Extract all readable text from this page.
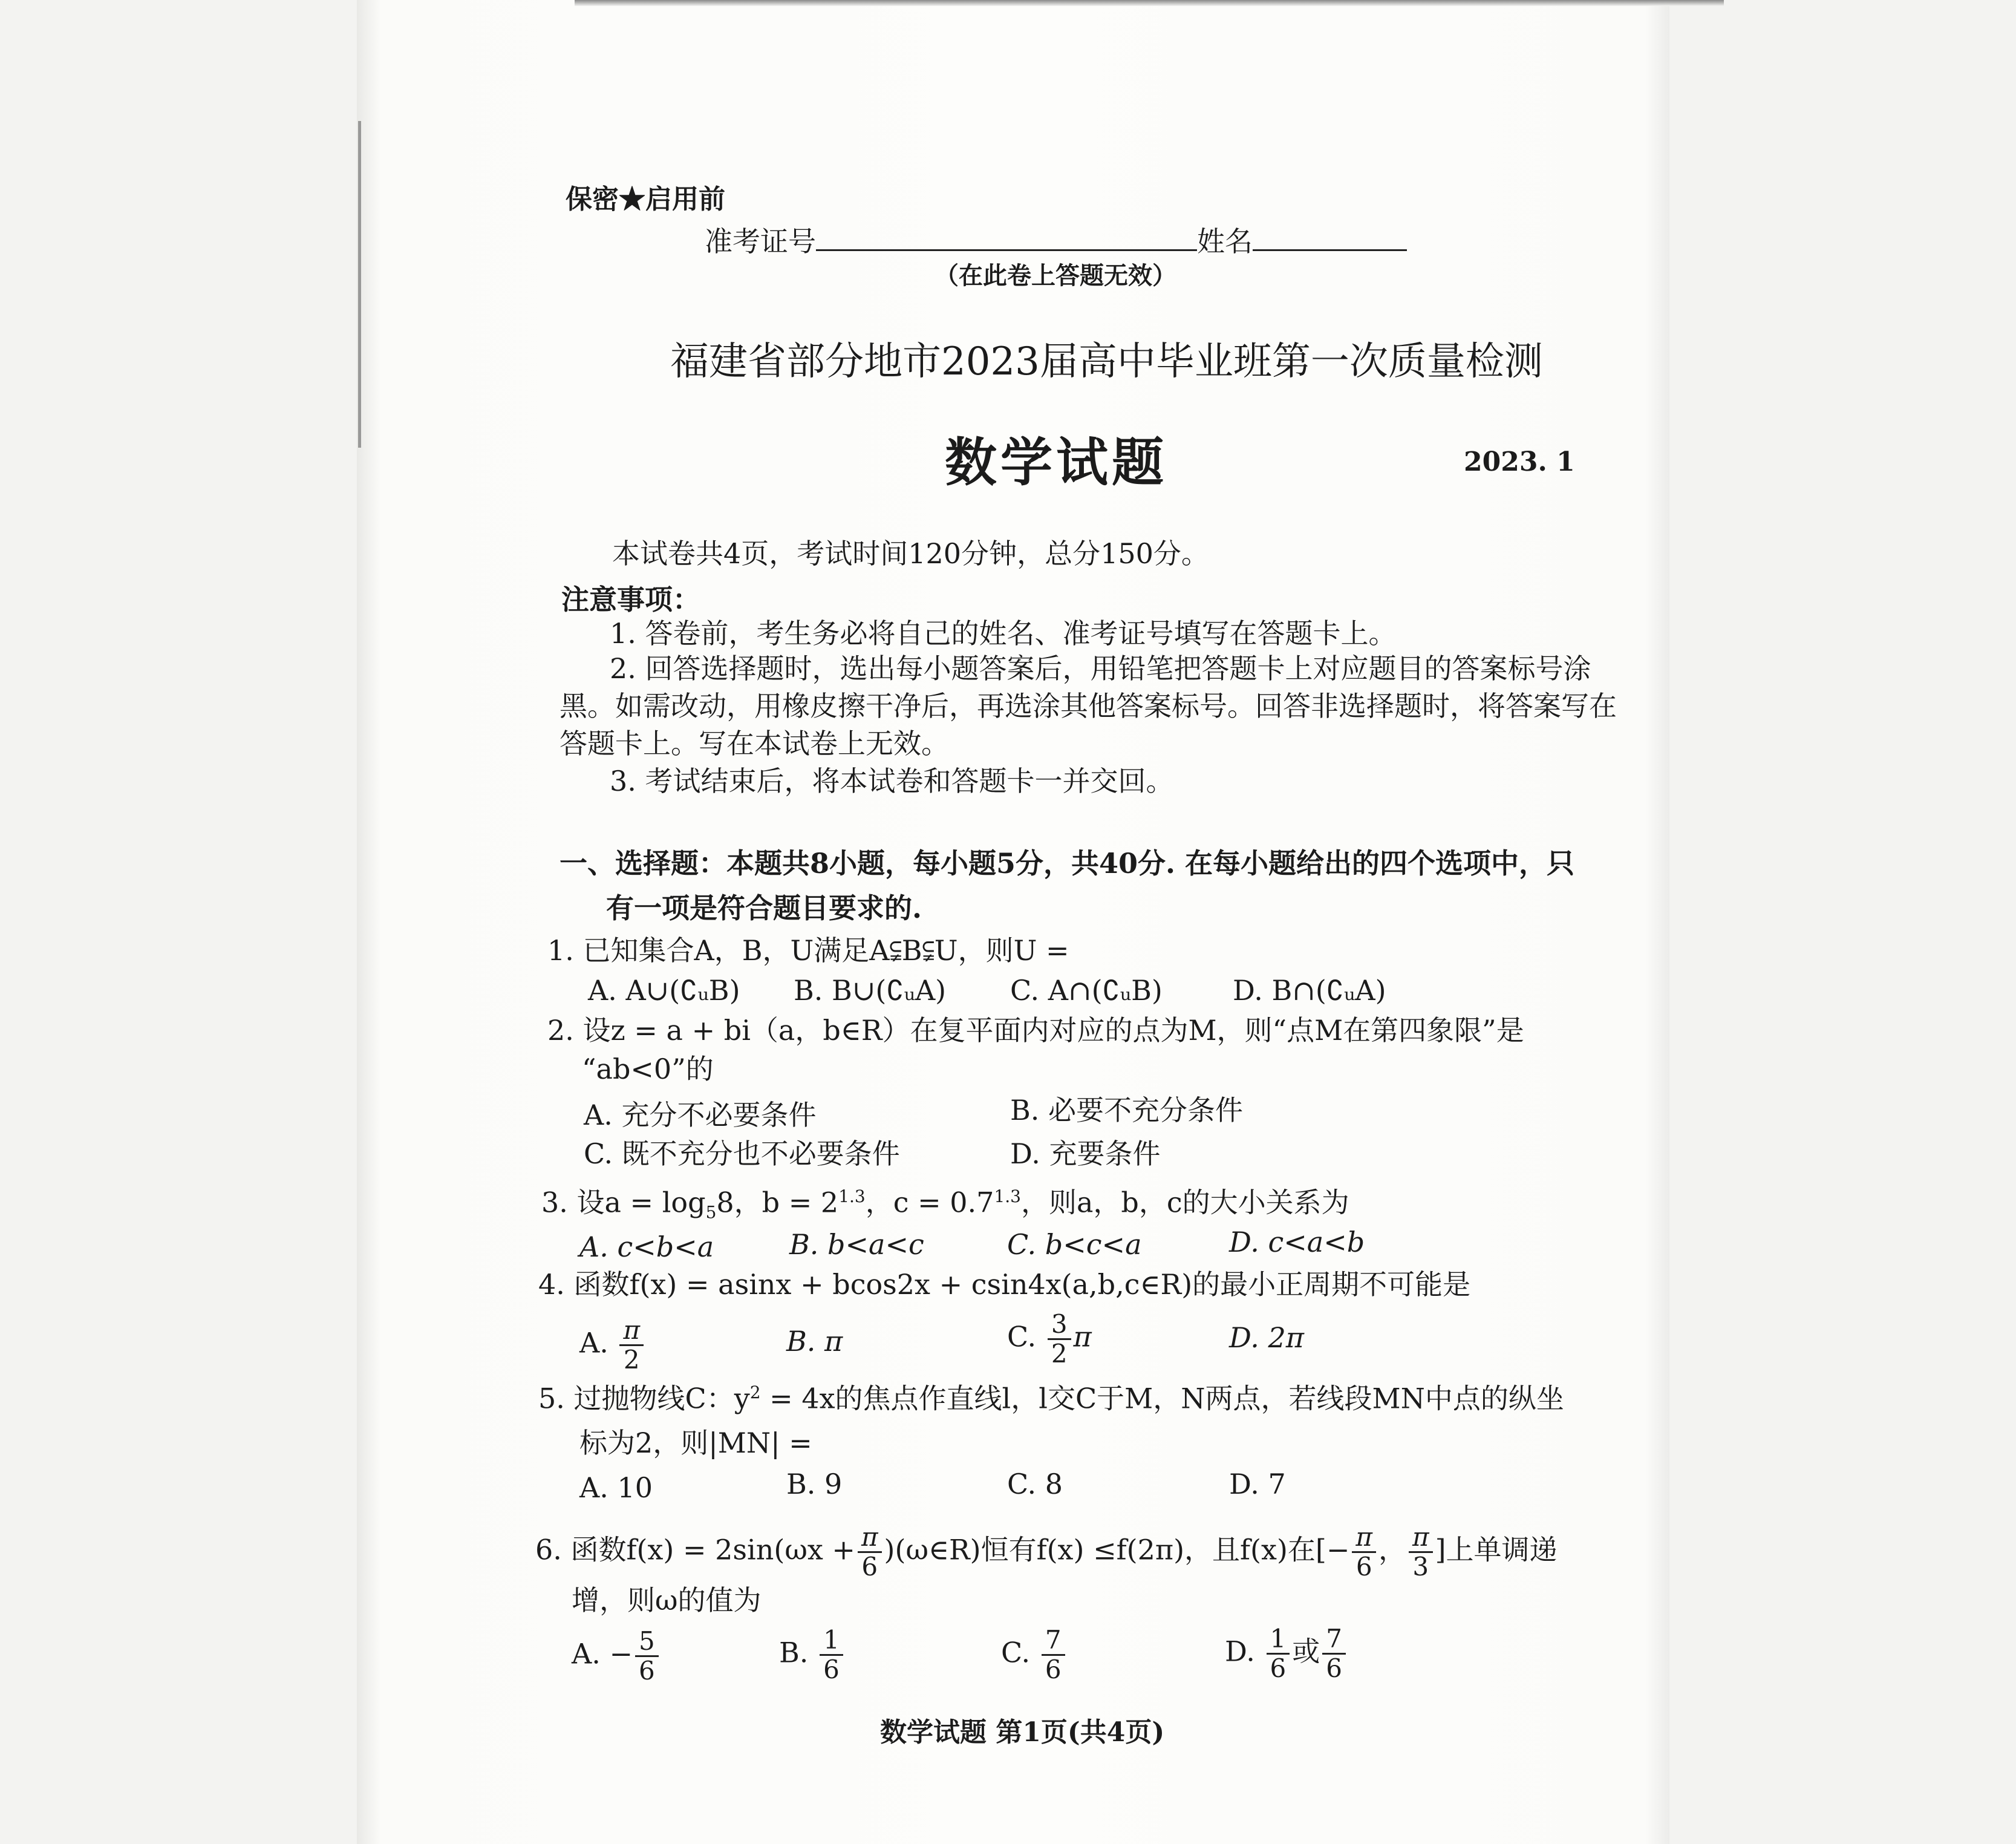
保密★启用前
准考证号	姓名
（在此卷上答题无效）
福建省部分地市2023届高中毕业班第一次质量检测
数学试题	2023. 1
本试卷共4页，考试时间120分钟，总分150分。
注意事项：
1. 答卷前，考生务必将自己的姓名、准考证号填写在答题卡上。
2. 回答选择题时，选出每小题答案后，用铅笔把答题卡上对应题目的答案标号涂
黑。如需改动，用橡皮擦干净后，再选涂其他答案标号。回答非选择题时，将答案写在
答题卡上。写在本试卷上无效。
3. 考试结束后，将本试卷和答题卡一并交回。
一、选择题：本题共8小题，每小题5分，共40分. 在每小题给出的四个选项中，只
有一项是符合题目要求的.
1. 已知集合A，B，U满足A⫋B⫋U，则U =
A. A∪(∁ᵤB) B. B∪(∁ᵤA) C. A∩(∁ᵤB)	D. B∩(∁ᵤA)
2. 设z = a + bi（a，b∈R）在复平面内对应的点为M，则“点M在第四象限”是
“ab<0”的
A. 充分不必要条件	B. 必要不充分条件
C. 既不充分也不必要条件	D. 充要条件
3. 设$a = \log_58$，$b = 2^{1.3}$，$c = 0.7^{1.3}$，则a，b，c的大小关系为
A. c<b<a	B. b<a<c	C. b<c<a	D. c<a<b
4. 函数f(x) = asinx + bcos2x + csin4x(a,b,c∈R)的最小正周期不可能是
A. $\frac{\pi}{2}$	B. π	C. $\frac{3}{2}$ π	D. 2π
5. 过抛物线C：$y^2 = 4x$的焦点作直线l，l交C于M，N两点，若线段MN中点的纵坐
标为2，则|MN| =
A. 10	B. 9	C. 8	D. 7
6. 函数$f(x) = 2\sin(\omega x + \frac{\pi}{6}$ )(ω∈R)恒有f(x) ≤f(2π)，且f(x)在[− $\frac{\pi}{6}$ ， $\frac{\pi}{3}$ ]上单调递
增，则ω的值为
A. − $\frac{5}{6}$	B. $\frac{1}{6}$	C. $\frac{7}{6}$	D. $\frac{1}{6}$ 或 $\frac{7}{6}$
数学试题 第1页(共4页)
